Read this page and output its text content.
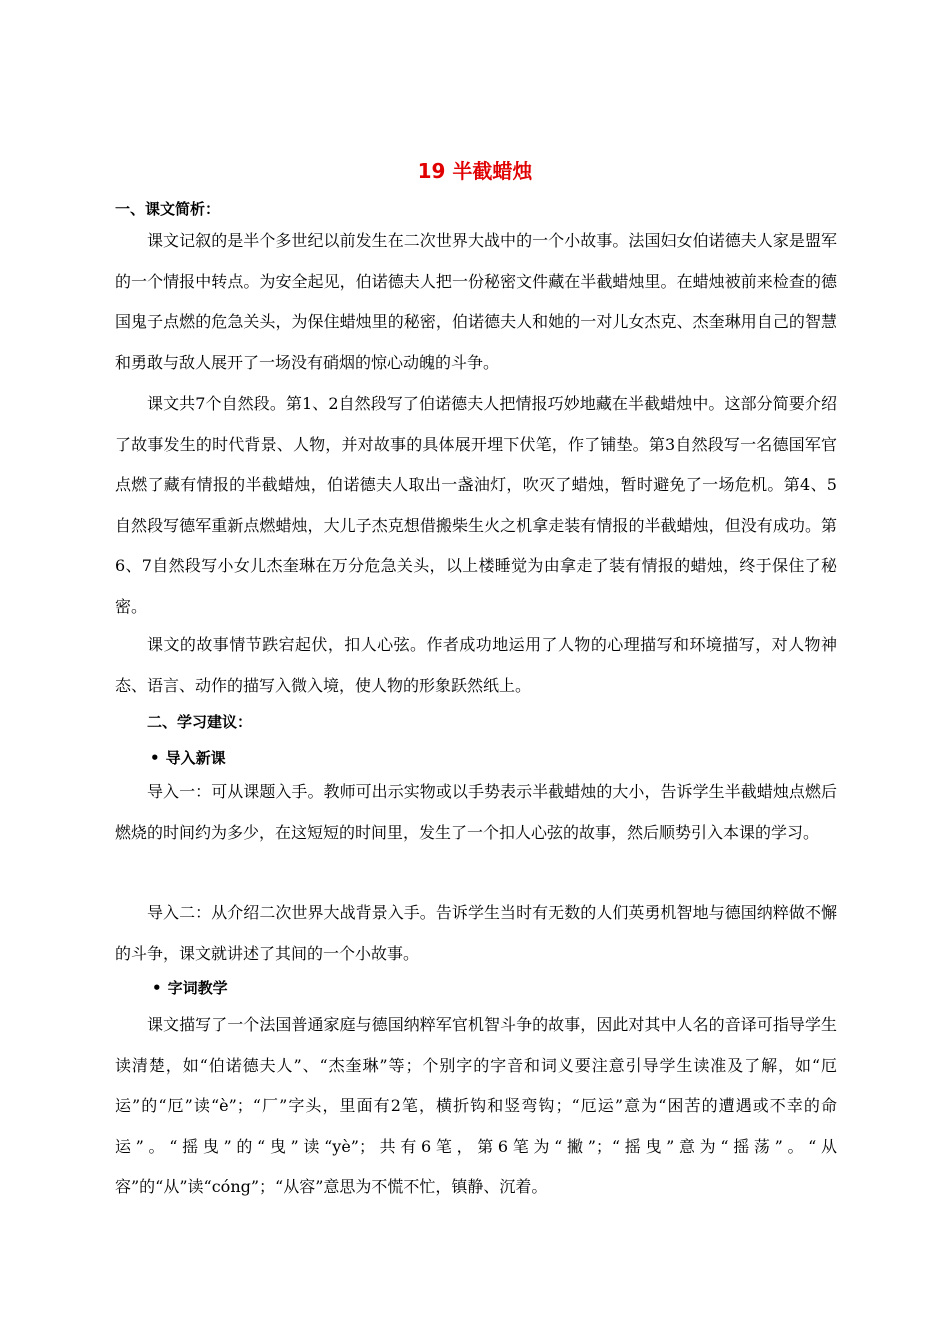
19 半截蜡烛
一、课文简析：

课文记叙的是半个多世纪以前发生在二次世界大战中的一个小故事。法国妇女伯诺德夫人家是盟军的一个情报中转点。为安全起见，伯诺德夫人把一份秘密文件藏在半截蜡烛里。在蜡烛被前来检查的德国鬼子点燃的危急关头，为保住蜡烛里的秘密，伯诺德夫人和她的一对儿女杰克、杰奎琳用自己的智慧和勇敢与敌人展开了一场没有硝烟的惊心动魄的斗争。

课文共7个自然段。第1、2自然段写了伯诺德夫人把情报巧妙地藏在半截蜡烛中。这部分简要介绍了故事发生的时代背景、人物，并对故事的具体展开埋下伏笔，作了铺垫。第3自然段写一名德国军官点燃了藏有情报的半截蜡烛，伯诺德夫人取出一盏油灯，吹灭了蜡烛，暂时避免了一场危机。第4、5自然段写德军重新点燃蜡烛，大儿子杰克想借搬柴生火之机拿走装有情报的半截蜡烛，但没有成功。第6、7自然段写小女儿杰奎琳在万分危急关头，以上楼睡觉为由拿走了装有情报的蜡烛，终于保住了秘密。

课文的故事情节跌宕起伏，扣人心弦。作者成功地运用了人物的心理描写和环境描写，对人物神态、语言、动作的描写入微入境，使人物的形象跃然纸上。

二、学习建议：
• 导入新课

导入一：可从课题入手。教师可出示实物或以手势表示半截蜡烛的大小，告诉学生半截蜡烛点燃后燃烧的时间约为多少，在这短短的时间里，发生了一个扣人心弦的故事，然后顺势引入本课的学习。

导入二：从介绍二次世界大战背景入手。告诉学生当时有无数的人们英勇机智地与德国纳粹做不懈的斗争，课文就讲述了其间的一个小故事。

• 字词教学

课文描写了一个法国普通家庭与德国纳粹军官机智斗争的故事，因此对其中人名的音译可指导学生读清楚，如“伯诺德夫人”、“杰奎琳”等；个别字的字音和词义要注意引导学生读准及了解，如“厄运”的“厄”读“è”；“厂”字头，里面有2笔，横折钩和竖弯钩；“厄运”意为“困苦的遭遇或不幸的命运”。“摇曳”的“曳”读“yè”；共有6笔，第6笔为“撇”；“摇曳”意为“摇荡”。“从容”的“从”读“cóng”；“从容”意思为不慌不忙，镇静、沉着。
